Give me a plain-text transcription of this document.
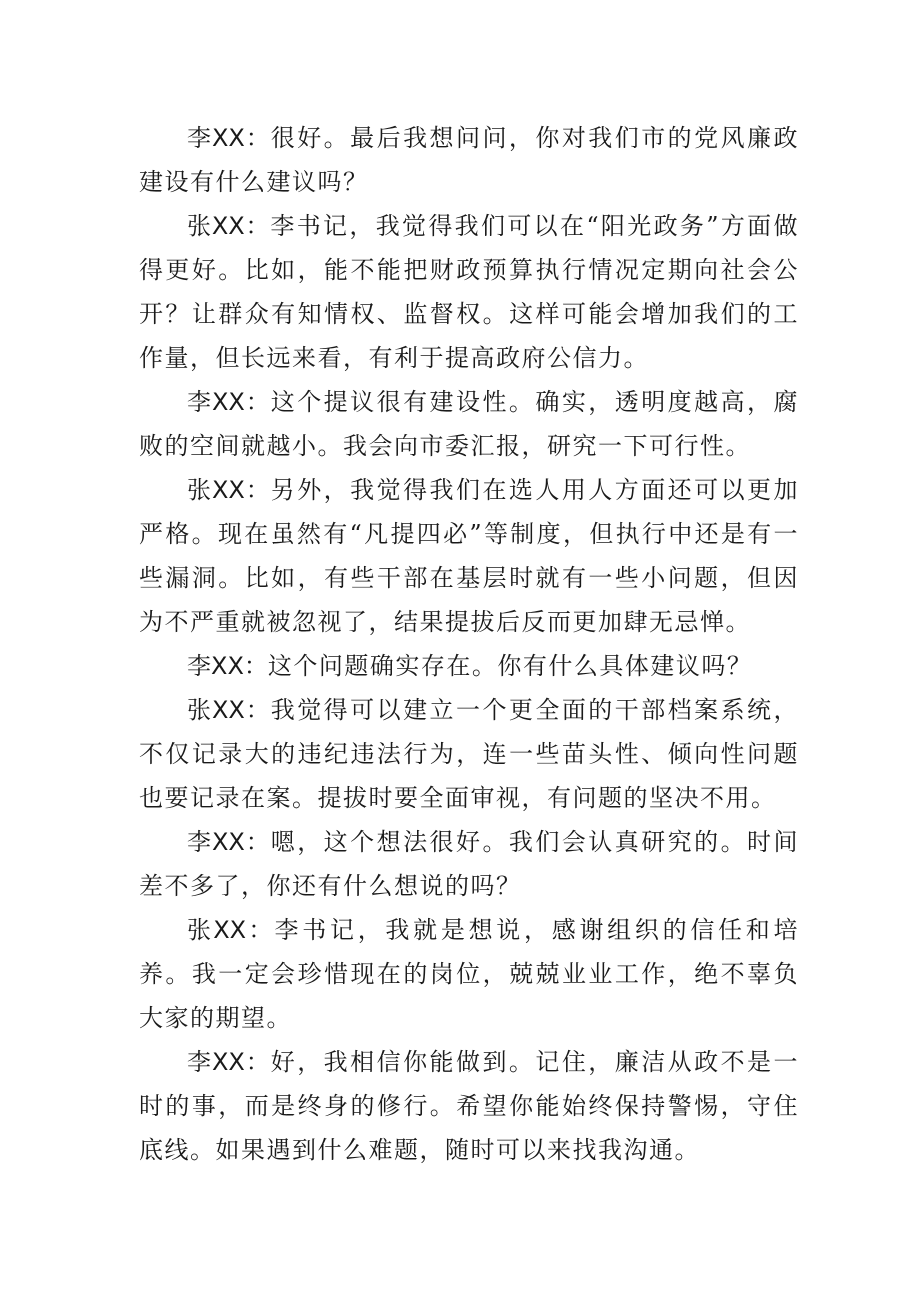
李XX：很好。最后我想问问，你对我们市的党风廉政建设有什么建议吗？

张XX：李书记，我觉得我们可以在“阳光政务”方面做得更好。比如，能不能把财政预算执行情况定期向社会公开？让群众有知情权、监督权。这样可能会增加我们的工作量，但长远来看，有利于提高政府公信力。

李XX：这个提议很有建设性。确实，透明度越高，腐败的空间就越小。我会向市委汇报，研究一下可行性。

张XX：另外，我觉得我们在选人用人方面还可以更加严格。现在虽然有“凡提四必”等制度，但执行中还是有一些漏洞。比如，有些干部在基层时就有一些小问题，但因为不严重就被忽视了，结果提拔后反而更加肆无忌惮。

李XX：这个问题确实存在。你有什么具体建议吗？

张XX：我觉得可以建立一个更全面的干部档案系统，不仅记录大的违纪违法行为，连一些苗头性、倾向性问题也要记录在案。提拔时要全面审视，有问题的坚决不用。

李XX：嗯，这个想法很好。我们会认真研究的。时间差不多了，你还有什么想说的吗？

张XX：李书记，我就是想说，感谢组织的信任和培养。我一定会珍惜现在的岗位，兢兢业业工作，绝不辜负大家的期望。

李XX：好，我相信你能做到。记住，廉洁从政不是一时的事，而是终身的修行。希望你能始终保持警惕，守住底线。如果遇到什么难题，随时可以来找我沟通。
